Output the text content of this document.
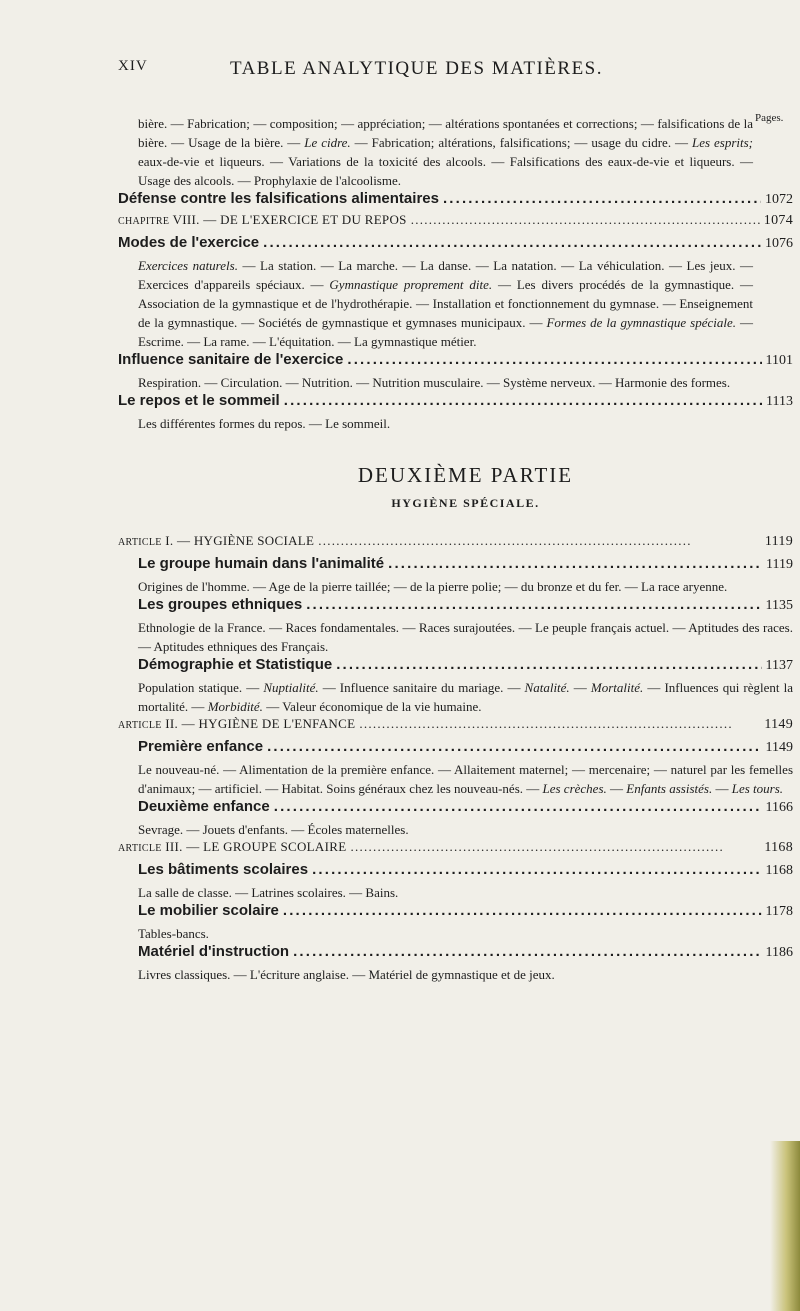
XIV	TABLE ANALYTIQUE DES MATIÈRES.
Pages.

bière. — Fabrication; — composition; — appréciation; — altérations spontanées et corrections; — falsifications de la bière. — Usage de la bière. — Le cidre. — Fabrication; altérations, falsifications; — usage du cidre. — Les esprits; eaux-de-vie et liqueurs. — Variations de la toxicité des alcools. — Falsifications des eaux-de-vie et liqueurs. — Usage des alcools. — Prophylaxie de l'alcoolisme.

Défense contre les falsifications alimentaires . . .	1072
CHAPITRE VIII. — DE L'EXERCICE ET DU REPOS . . .	1074
Modes de l'exercice . . .	1076

Exercices naturels. — La station. — La marche. — La danse. — La natation. — La véhiculation. — Les jeux. — Exercices d'appareils spéciaux. — Gymnastique proprement dite. — Les divers procédés de la gymnastique. — Association de la gymnastique et de l'hydrothérapie. — Installation et fonctionnement du gymnase. — Enseignement de la gymnastique. — Sociétés de gymnastique et gymnases municipaux. — Formes de la gymnastique spéciale. — Escrime. — La rame. — L'équitation. — La gymnastique métier.

Influence sanitaire de l'exercice . . .	1101

Respiration. — Circulation. — Nutrition. — Nutrition musculaire. — Système nerveux. — Harmonie des formes.

Le repos et le sommeil . . .	1113

Les différentes formes du repos. — Le sommeil.

DEUXIÈME PARTIE
HYGIÈNE SPÉCIALE.
ARTICLE I. — HYGIÈNE SOCIALE . . .	1119
Le groupe humain dans l'animalité . . .	1119

Origines de l'homme. — Age de la pierre taillée; — de la pierre polie; — du bronze et du fer. — La race aryenne.

Les groupes ethniques . . .	1135

Ethnologie de la France. — Races fondamentales. — Races surajoutées. — Le peuple français actuel. — Aptitudes des races. — Aptitudes ethniques des Français.

Démographie et Statistique . . .	1137

Population statique. — Nuptialité. — Influence sanitaire du mariage. — Natalité. — Mortalité. — Influences qui règlent la mortalité. — Morbidité. — Valeur économique de la vie humaine.

ARTICLE II. — HYGIÈNE DE L'ENFANCE . . .	1149
Première enfance . . .	1149

Le nouveau-né. — Alimentation de la première enfance. — Allaitement maternel; — mercenaire; — naturel par les femelles d'animaux; — artificiel. — Habitat. Soins généraux chez les nouveau-nés. — Les crèches. — Enfants assistés. — Les tours.

Deuxième enfance . . .	1166

Sevrage. — Jouets d'enfants. — Écoles maternelles.

ARTICLE III. — LE GROUPE SCOLAIRE . . .	1168
Les bâtiments scolaires . . .	1168

La salle de classe. — Latrines scolaires. — Bains.

Le mobilier scolaire . . .	1178

Tables-bancs.

Matériel d'instruction . . .	1186

Livres classiques. — L'écriture anglaise. — Matériel de gymnastique et de jeux.
